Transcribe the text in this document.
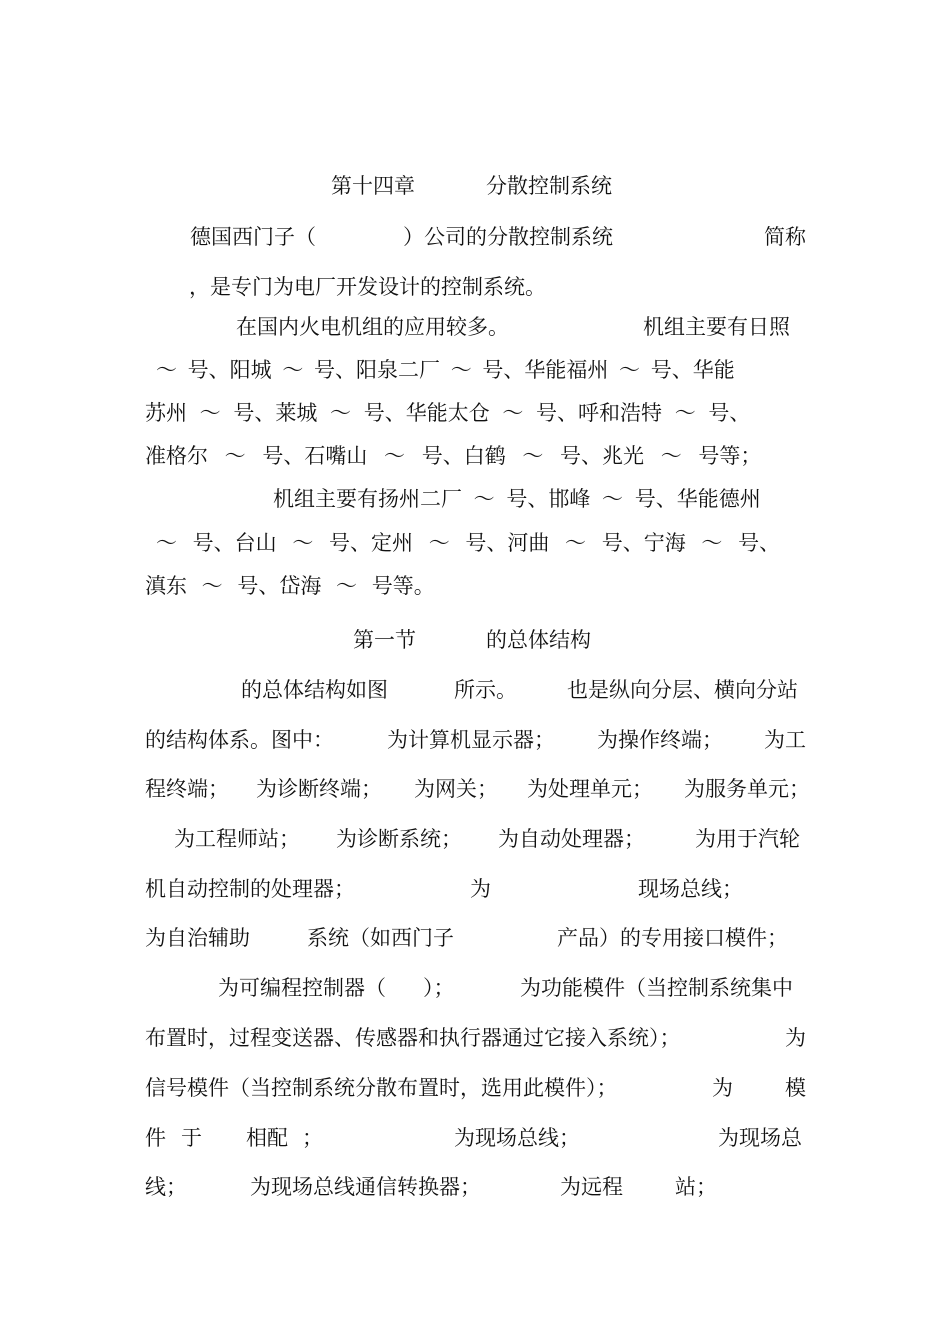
第十四章	分散控制系统
德国西门子（	）公司的分散控制系统	简称
，是专门为电厂开发设计的控制系统。
在国内火电机组的应用较多。	机组主要有日照
～ 号、阳城 ～ 号、阳泉二厂 ～ 号、华能福州 ～ 号、华能
苏州 ～ 号、莱城 ～ 号、华能太仓 ～ 号、呼和浩特 ～ 号、
准格尔 ～ 号、石嘴山 ～ 号、白鹤 ～ 号、兆光 ～ 号等；
机组主要有扬州二厂 ～ 号、邯峰 ～ 号、华能德州
～ 号、台山 ～ 号、定州 ～ 号、河曲 ～ 号、宁海 ～ 号、
滇东 ～ 号、岱海 ～ 号等。
第一节	的总体结构
的总体结构如图	所示。 也是纵向分层、横向分站
的结构体系。图中：	为计算机显示器； 为操作终端； 为工
程终端； 为诊断终端； 为网关； 为处理单元； 为服务单元；
为工程师站； 为诊断系统； 为自动处理器； 为用于汽轮
机自动控制的处理器；	为	现场总线；
为自治辅助	系统（如西门子	产品）的专用接口模件；
为可编程控制器（ ）；	为功能模件（当控制系统集中
布置时，过程变送器、传感器和执行器通过它接入系统）；	为
信号模件（当控制系统分散布置时，选用此模件）；	为 模
件 于 相配 ；	为现场总线；	为现场总
线；	为现场总线通信转换器；	为远程 站；
